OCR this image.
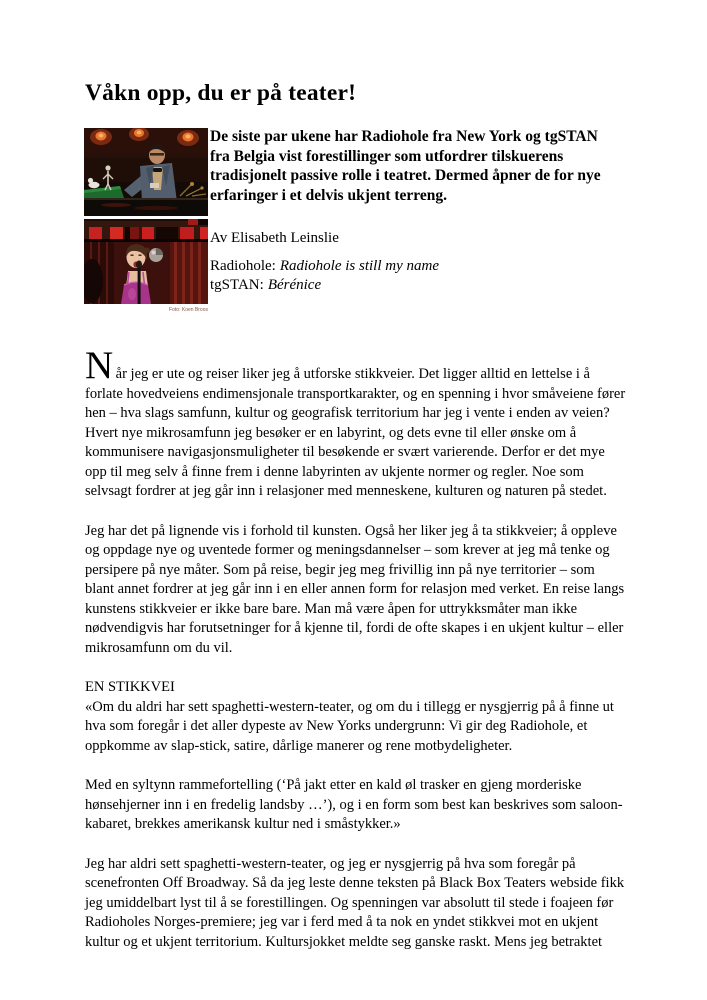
Våkn opp, du er på teater!
Foto: Koen Broos
De siste par ukene har Radiohole fra New York og tgSTAN fra Belgia vist forestillinger som utfordrer tilskuerens tradisjonelt passive rolle i teatret. Dermed åpner de for nye erfaringer i et delvis ukjent terreng.
Av Elisabeth Leinslie
Radiohole: Radiohole is still my name
tgSTAN: Bérénice

Når jeg er ute og reiser liker jeg å utforske stikkveier. Det ligger alltid en lettelse i å forlate hovedveiens endimensjonale transportkarakter, og en spenning i hvor småveiene fører hen – hva slags samfunn, kultur og geografisk territorium har jeg i vente i enden av veien? Hvert nye mikrosamfunn jeg besøker er en labyrint, og dets evne til eller ønske om å kommunisere navigasjonsmuligheter til besøkende er svært varierende. Derfor er det mye opp til meg selv å finne frem i denne labyrinten av ukjente normer og regler. Noe som selvsagt fordrer at jeg går inn i relasjoner med menneskene, kulturen og naturen på stedet.

Jeg har det på lignende vis i forhold til kunsten. Også her liker jeg å ta stikkveier; å oppleve og oppdage nye og uventede former og meningsdannelser – som krever at jeg må tenke og persipere på nye måter. Som på reise, begir jeg meg frivillig inn på nye territorier – som blant annet fordrer at jeg går inn i en eller annen form for relasjon med verket. En reise langs kunstens stikkveier er ikke bare bare. Man må være åpen for uttrykksmåter man ikke nødvendigvis har forutsetninger for å kjenne til, fordi de ofte skapes i en ukjent kultur – eller mikrosamfunn om du vil.

EN STIKKVEI

«Om du aldri har sett spaghetti-western-teater, og om du i tillegg er nysgjerrig på å finne ut hva som foregår i det aller dypeste av New Yorks undergrunn: Vi gir deg Radiohole, et oppkomme av slap-stick, satire, dårlige manerer og rene motbydeligheter.

Med en syltynn rammefortelling (‘På jakt etter en kald øl trasker en gjeng morderiske hønsehjerner inn i en fredelig landsby …’), og i en form som best kan beskrives som saloon-kabaret, brekkes amerikansk kultur ned i småstykker.»

Jeg har aldri sett spaghetti-western-teater, og jeg er nysgjerrig på hva som foregår på scenefronten Off Broadway. Så da jeg leste denne teksten på Black Box Teaters webside fikk jeg umiddelbart lyst til å se forestillingen. Og spenningen var absolutt til stede i foajeen før Radioholes Norges-premiere; jeg var i ferd med å ta nok en yndet stikkvei mot en ukjent kultur og et ukjent territorium. Kultursjokket meldte seg ganske raskt. Mens jeg betraktet
